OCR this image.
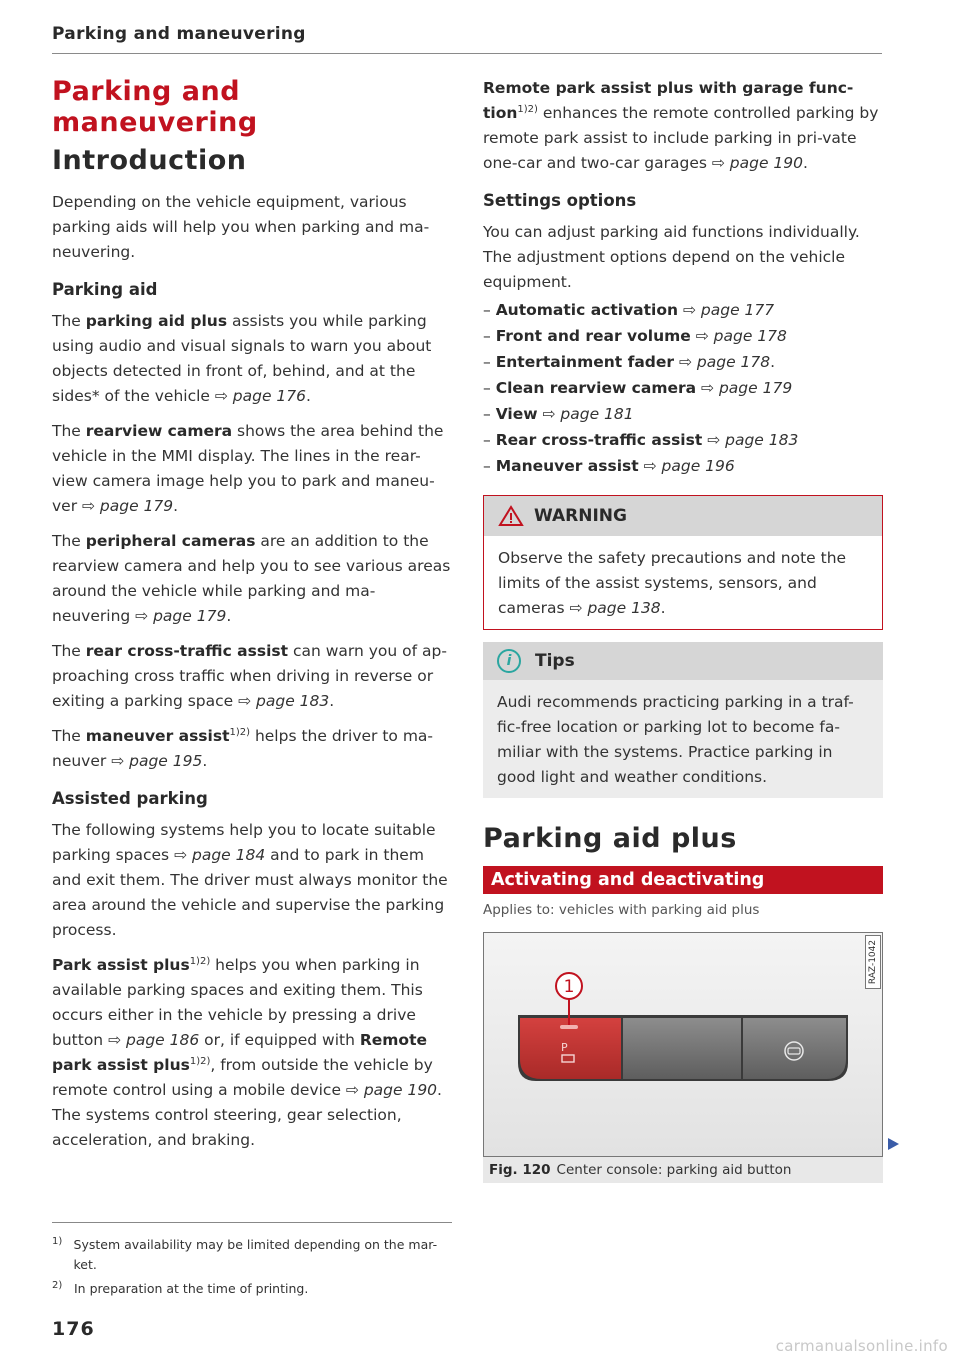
Parking and maneuvering
Parking and
maneuvering
Introduction

Depending on the vehicle equipment, various parking aids will help you when parking and ma-neuvering.

Parking aid

The parking aid plus assists you while parking using audio and visual signals to warn you about objects detected in front of, behind, and at the sides* of the vehicle ⇨ page 176.

The rearview camera shows the area behind the vehicle in the MMI display. The lines in the rear-view camera image help you to park and maneu-ver ⇨ page 179.

The peripheral cameras are an addition to the rearview camera and help you to see various areas around the vehicle while parking and ma-neuvering ⇨ page 179.

The rear cross-traffic assist can warn you of ap-proaching cross traffic when driving in reverse or exiting a parking space ⇨ page 183.

The maneuver assist$^{1)2)}$ helps the driver to ma-neuver ⇨ page 195.

Assisted parking

The following systems help you to locate suitable parking spaces ⇨ page 184 and to park in them and exit them. The driver must always monitor the area around the vehicle and supervise the parking process.

Park assist plus$^{1)2)}$ helps you when parking in available parking spaces and exiting them. This occurs either in the vehicle by pressing a drive button ⇨ page 186 or, if equipped with Remote park assist plus$^{1)2)}$, from outside the vehicle by remote control using a mobile device ⇨ page 190. The systems control steering, gear selection, acceleration, and braking.

Remote park assist plus with garage func-tion$^{1)2)}$ enhances the remote controlled parking by remote park assist to include parking in pri-vate one-car and two-car garages ⇨ page 190.

Settings options

You can adjust parking aid functions individually. The adjustment options depend on the vehicle equipment.

– Automatic activation ⇨ page 177
– Front and rear volume ⇨ page 178
– Entertainment fader ⇨ page 178.
– Clean rearview camera ⇨ page 179
– View ⇨ page 181
– Rear cross-traffic assist ⇨ page 183
– Maneuver assist ⇨ page 196
WARNING
Observe the safety precautions and note the limits of the assist systems, sensors, and cameras ⇨ page 138.
i	Tips
Audi recommends practicing parking in a traf-fic-free location or parking lot to become fa-miliar with the systems. Practice parking in good light and weather conditions.
Parking aid plus
Activating and deactivating
Applies to: vehicles with parking aid plus
RAZ-1042
P
1
Fig. 120 Center console: parking aid button
1) System availability may be limited depending on the mar-ket.
2) In preparation at the time of printing.
176
carmanualsonline.info
